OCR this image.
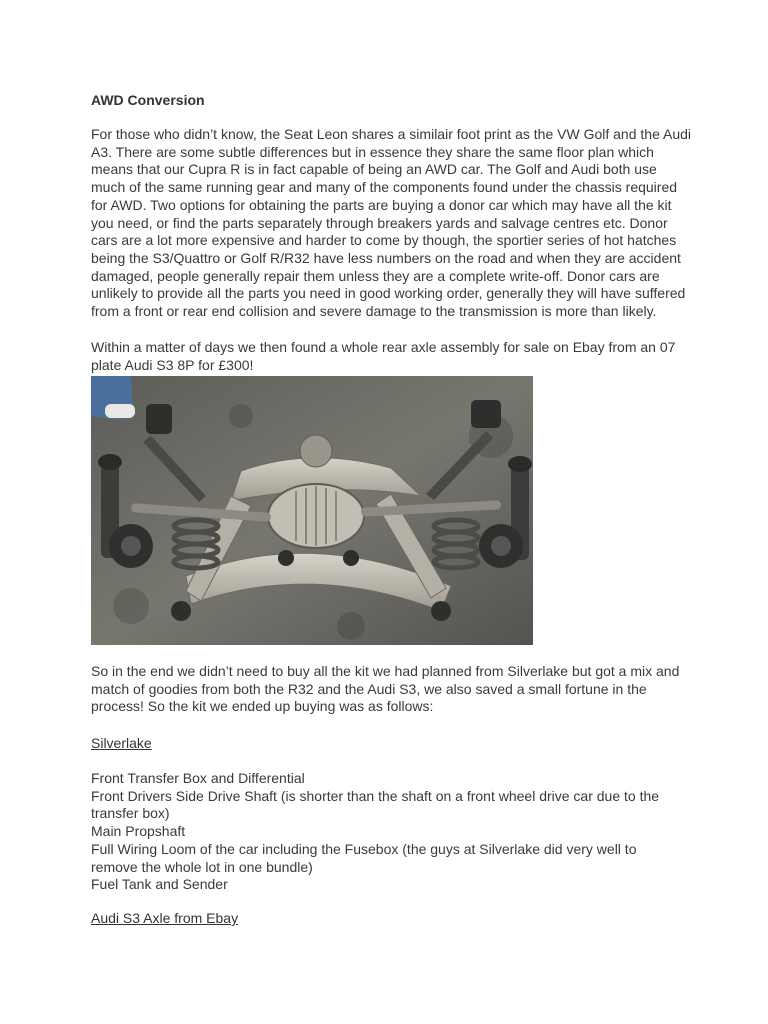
AWD Conversion

For those who didn’t know, the Seat Leon shares a similair foot print as the VW Golf and the Audi A3. There are some subtle differences but in essence they share the same floor plan which means that our Cupra R is in fact capable of being an AWD car. The Golf and Audi both use much of the same running gear and many of the components found under the chassis required for AWD. Two options for obtaining the parts are buying a donor car which may have all the kit you need, or find the parts separately through breakers yards and salvage centres etc. Donor cars are a lot more expensive and harder to come by though, the sportier series of hot hatches being the S3/Quattro or Golf R/R32 have less numbers on the road and when they are accident damaged, people generally repair them unless they are a complete write-off. Donor cars are unlikely to provide all the parts you need in good working order, generally they will have suffered from a front or rear end collision and severe damage to the transmission is more than likely.

Within a matter of days we then found a whole rear axle assembly for sale on Ebay from an 07 plate Audi S3 8P for £300!

So in the end we didn’t need to buy all the kit we had planned from Silverlake but got a mix and match of goodies from both the R32 and the Audi S3, we also saved a small fortune in the process! So the kit we ended up buying was as follows:

Silverlake

Front Transfer Box and Differential
Front Drivers Side Drive Shaft (is shorter than the shaft on a front wheel drive car due to the transfer box)
Main Propshaft
Full Wiring Loom of the car including the Fusebox (the guys at Silverlake did very well to remove the whole lot in one bundle)
Fuel Tank and Sender

Audi S3 Axle from Ebay
